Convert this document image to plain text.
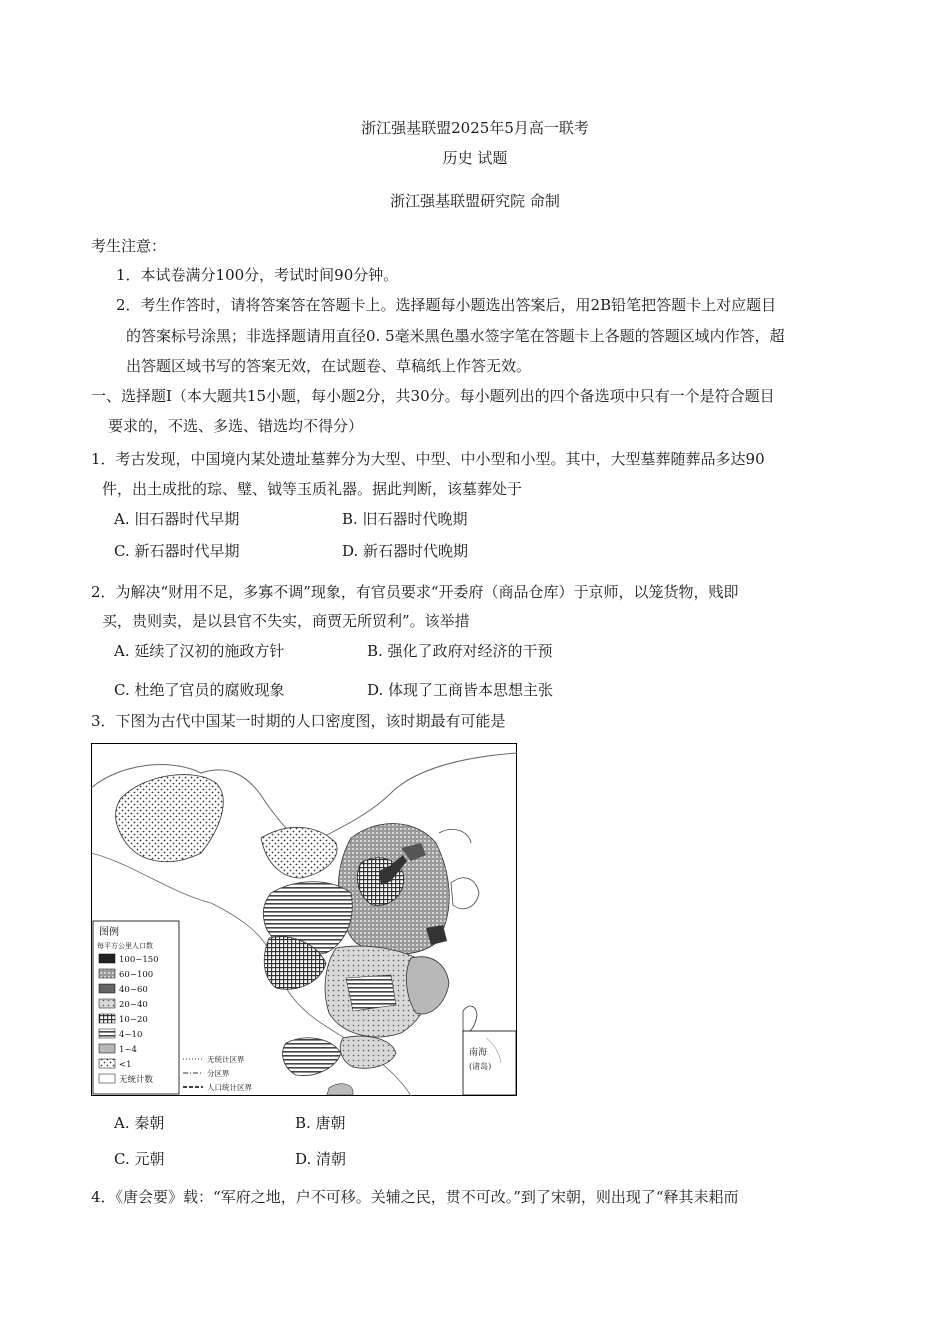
浙江强基联盟2025年5月高一联考
历史 试题
浙江强基联盟研究院 命制
考生注意：
1．本试卷满分100分，考试时间90分钟。
2．考生作答时，请将答案答在答题卡上。选择题每小题选出答案后，用2B铅笔把答题卡上对应题目
的答案标号涂黑；非选择题请用直径0. 5毫米黑色墨水签字笔在答题卡上各题的答题区域内作答，超
出答题区域书写的答案无效，在试题卷、草稿纸上作答无效。
一、选择题Ⅰ（本大题共15小题，每小题2分，共30分。每小题列出的四个备选项中只有一个是符合题目
要求的，不选、多选、错选均不得分）
1．考古发现，中国境内某处遗址墓葬分为大型、中型、中小型和小型。其中，大型墓葬随葬品多达90
件，出土成批的琮、璧、钺等玉质礼器。据此判断，该墓葬处于
A. 旧石器时代早期	B. 旧石器时代晚期
C. 新石器时代早期	D. 新石器时代晚期
2．为解决“财用不足，多寡不调”现象，有官员要求“开委府（商品仓库）于京师，以笼货物，贱即
买，贵则卖，是以县官不失实，商贾无所贸利”。该举措
A. 延续了汉初的施政方针	B. 强化了政府对经济的干预
C. 杜绝了官员的腐败现象	D. 体现了工商皆本思想主张
3．下图为古代中国某一时期的人口密度图，该时期最有可能是
南海
(诸岛)
图例
每平方公里人口数
100~150
60~100
40~60
20~40
10~20
4~10
1~4
<1
无统计数
无统计区界
分区界
人口统计区界
A. 秦朝	B. 唐朝
C. 元朝	D. 清朝
4．《唐会要》载：“军府之地，户不可移。关辅之民，贯不可改。”到了宋朝，则出现了“释其耒耜而
